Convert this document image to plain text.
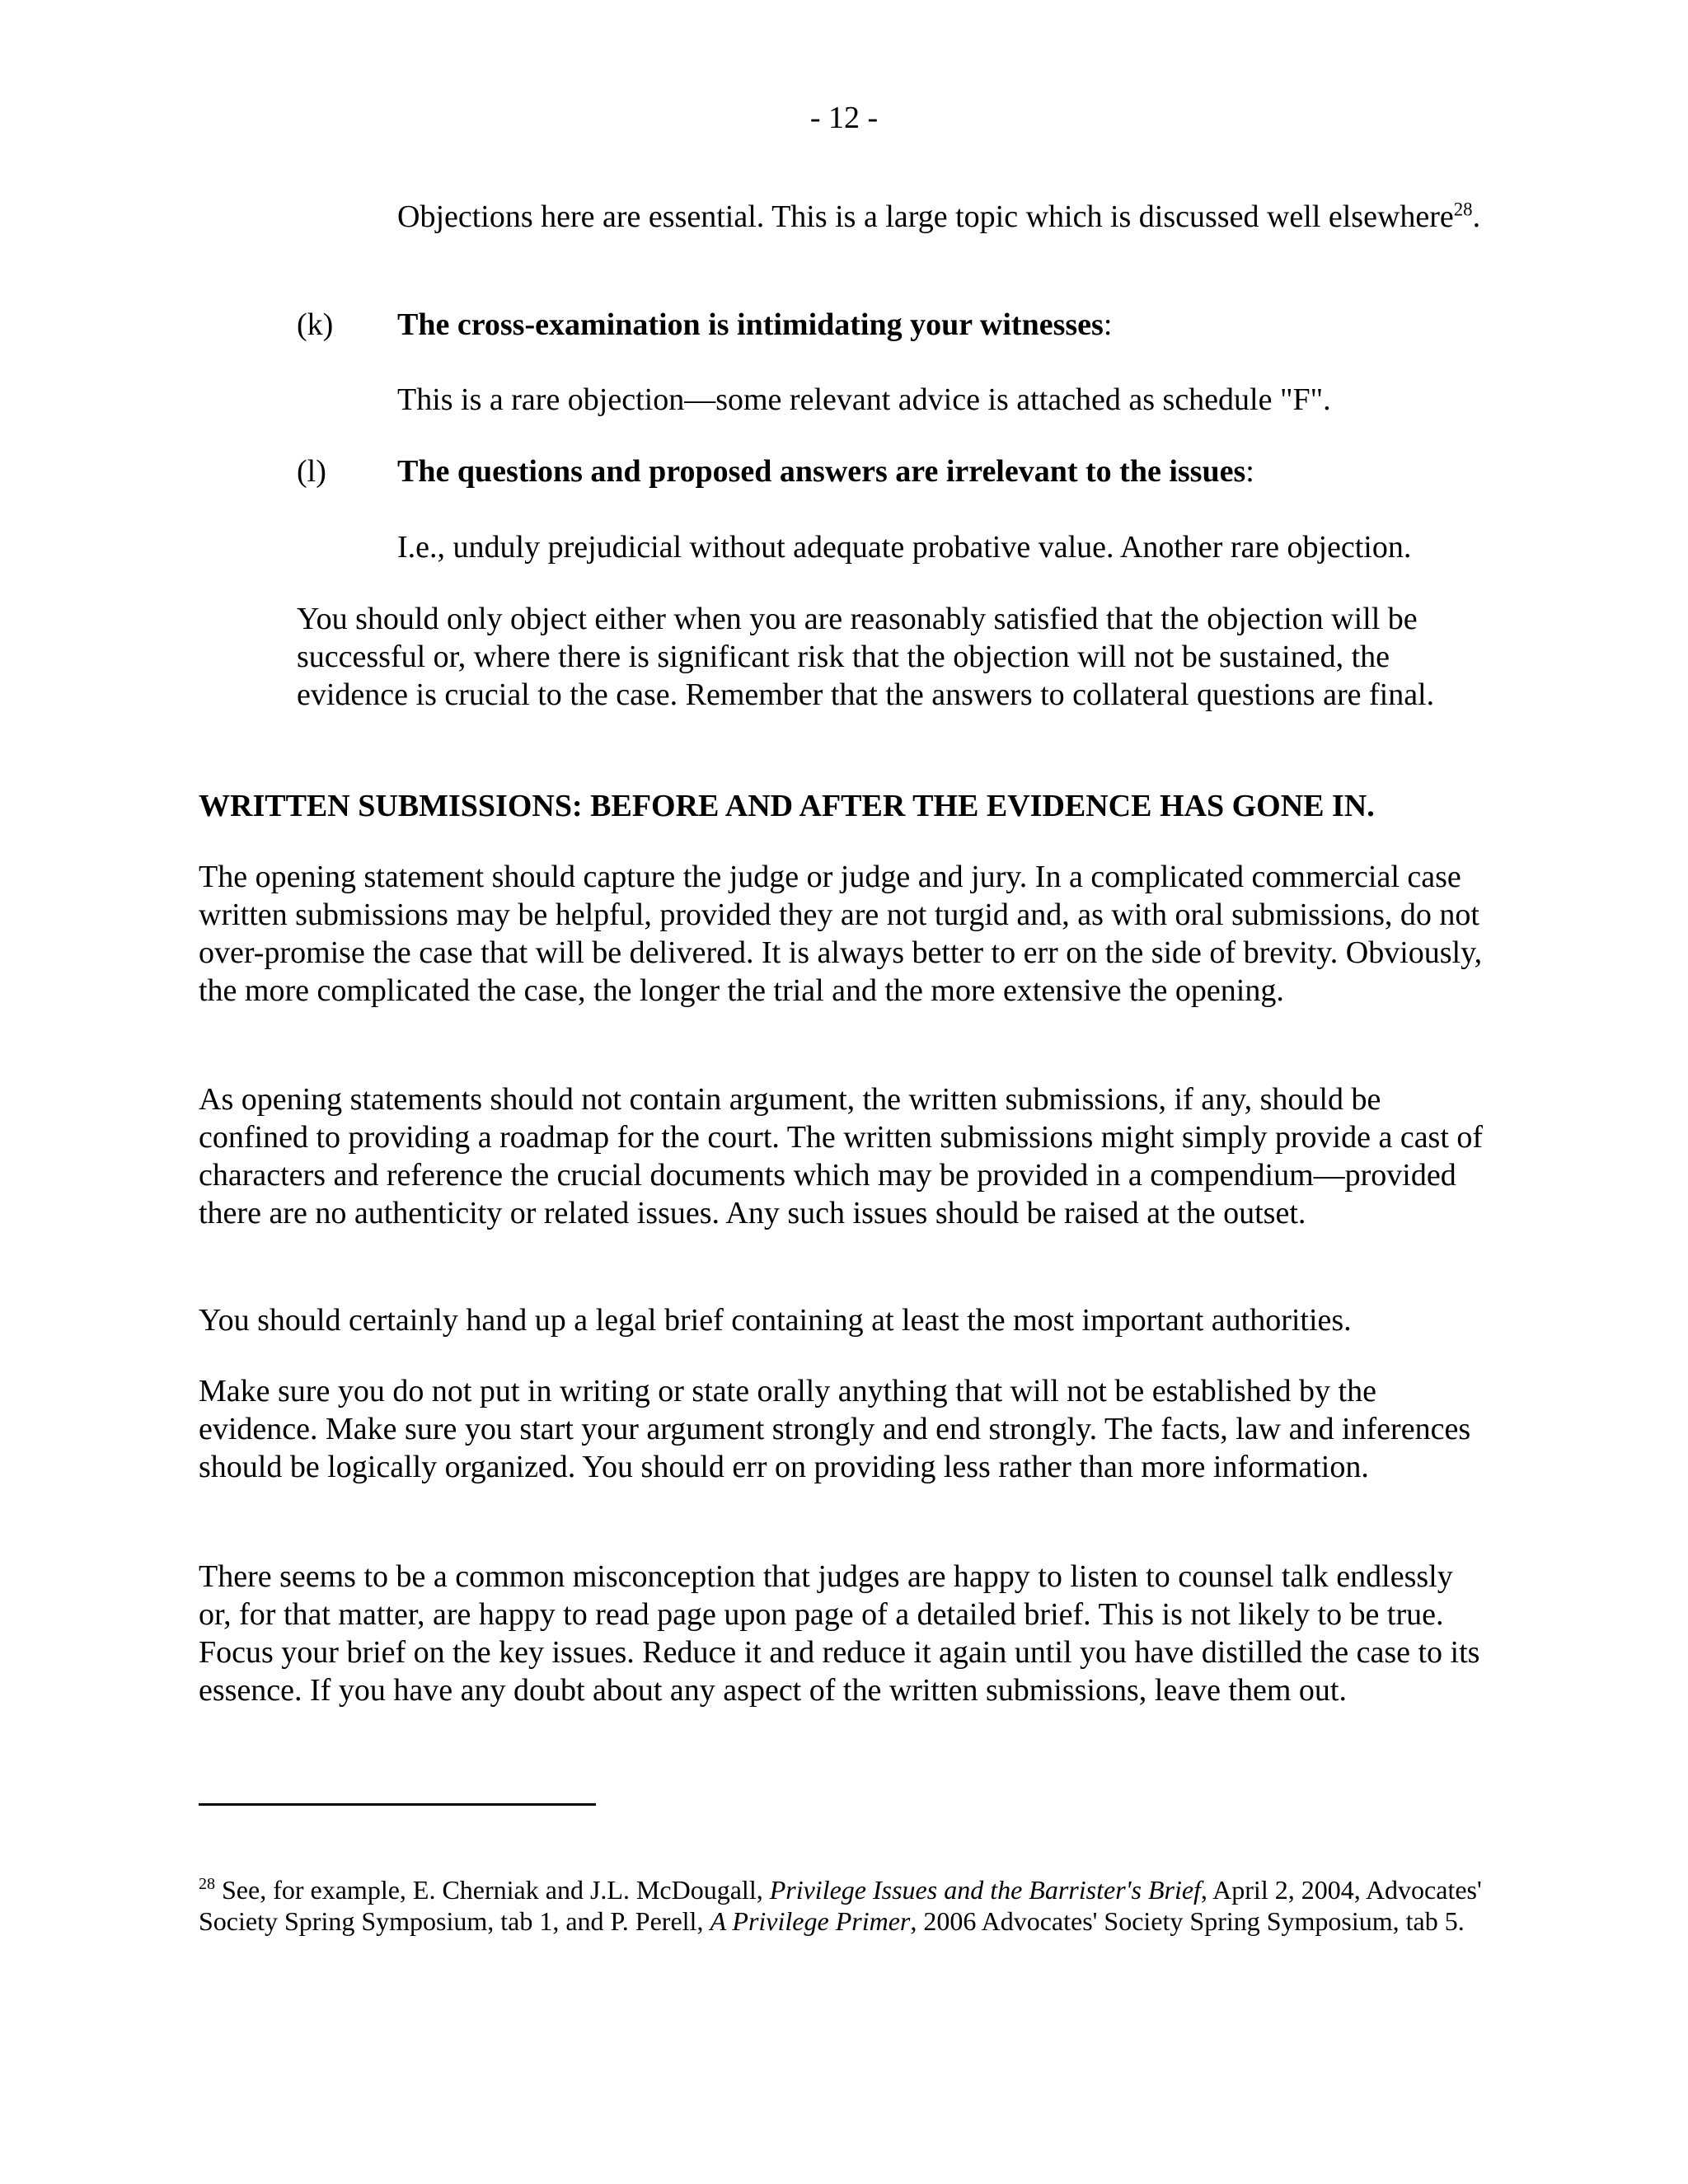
- 12 -

Objections here are essential. This is a large topic which is discussed well elsewhere$^{28}$.

(k) The cross-examination is intimidating your witnesses:

This is a rare objection—some relevant advice is attached as schedule "F".

(l) The questions and proposed answers are irrelevant to the issues:

I.e., unduly prejudicial without adequate probative value. Another rare objection.

You should only object either when you are reasonably satisfied that the objection will be successful or, where there is significant risk that the objection will not be sustained, the evidence is crucial to the case. Remember that the answers to collateral questions are final.

WRITTEN SUBMISSIONS: BEFORE AND AFTER THE EVIDENCE HAS GONE IN.

The opening statement should capture the judge or judge and jury. In a complicated commercial case written submissions may be helpful, provided they are not turgid and, as with oral submissions, do not over-promise the case that will be delivered. It is always better to err on the side of brevity. Obviously, the more complicated the case, the longer the trial and the more extensive the opening.

As opening statements should not contain argument, the written submissions, if any, should be confined to providing a roadmap for the court. The written submissions might simply provide a cast of characters and reference the crucial documents which may be provided in a compendium—provided there are no authenticity or related issues. Any such issues should be raised at the outset.

You should certainly hand up a legal brief containing at least the most important authorities.

Make sure you do not put in writing or state orally anything that will not be established by the evidence. Make sure you start your argument strongly and end strongly. The facts, law and inferences should be logically organized. You should err on providing less rather than more information.

There seems to be a common misconception that judges are happy to listen to counsel talk endlessly or, for that matter, are happy to read page upon page of a detailed brief. This is not likely to be true. Focus your brief on the key issues. Reduce it and reduce it again until you have distilled the case to its essence. If you have any doubt about any aspect of the written submissions, leave them out.

$^{28}$ See, for example, E. Cherniak and J.L. McDougall, Privilege Issues and the Barrister's Brief, April 2, 2004, Advocates' Society Spring Symposium, tab 1, and P. Perell, A Privilege Primer, 2006 Advocates' Society Spring Symposium, tab 5.
